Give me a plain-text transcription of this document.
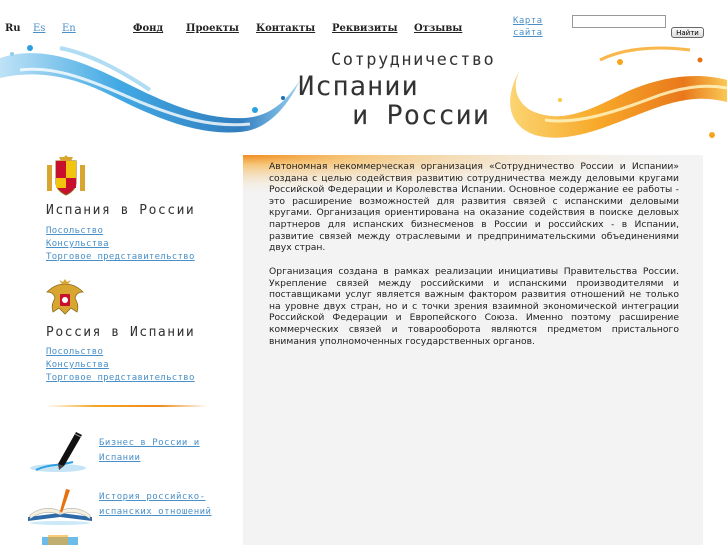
Ru Es En	Фонд Проекты Контакты Реквизиты Отзывы
Карта сайта	Найти
Сотрудничество
Испании
и России
Испания в России
Посольство
Консульства
Торговое представительство
Россия в Испании
Посольство
Консульства
Торговое представительство
Бизнес в России и Испании
История российско-испанских отношений

Автономная некоммерческая организация «Сотрудничество России и Испании» создана с целью содействия развитию сотрудничества между деловыми кругами Российской Федерации и Королевства Испании. Основное содержание ее работы - это расширение возможностей для развития связей с испанскими деловыми кругами. Организация ориентирована на оказание содействия в поиске деловых партнеров для испанских бизнесменов в России и российских - в Испании, развитие связей между отраслевыми и предпринимательскими объединениями двух стран.

Организация создана в рамках реализации инициативы Правительства России. Укрепление связей между российскими и испанскими производителями и поставщиками услуг является важным фактором развития отношений не только на уровне двух стран, но и с точки зрения взаимной экономической интеграции Российской Федерации и Европейского Союза. Именно поэтому расширение коммерческих связей и товарооборота являются предметом пристального внимания уполномоченных государственных органов.
